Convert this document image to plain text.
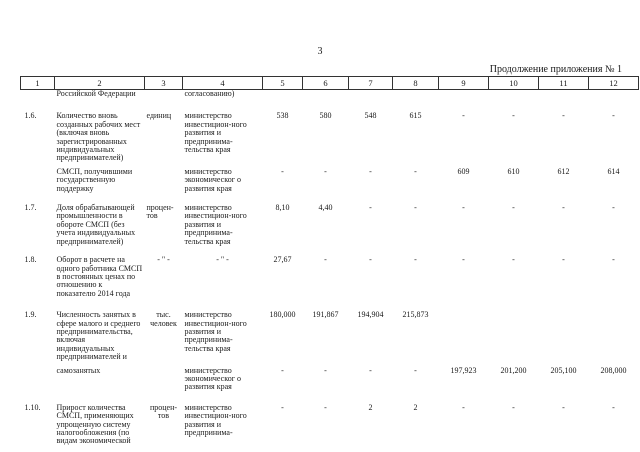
3
Продолжение приложения № 1
1	2	3	4	5	6	7	8	9	10	11	12
	Российской Федерации		согласованию)								
1.6.	Количество вновь созданных рабочих мест (включая вновь зарегистрированных индивидуальных предпринимателей)	единиц	министерство инвестицион-ного развития и предпринима-тельства края	538	580	548	615	-	-	-	-
	СМСП, получившими государственную поддержку		министерство экономическог о развития края	-	-	-	-	609	610	612	614
1.7.	Доля обрабатывающей промышленности в обороте СМСП (без учета индивидуальных предпринимателей)	процен-тов	министерство инвестицион-ного развития и предпринима-тельства края	8,10	4,40	-	-	-	-	-	-
1.8.	Оборот в расчете на одного работника СМСП в постоянных ценах по отношению к показателю 2014 года	- " -	- " -	27,67	-	-	-	-	-	-	-
1.9.	Численность занятых в сфере малого и среднего предпринимательства, включая индивидуальных предпринимателей и	тыс. человек	министерство инвестицион-ного развития и предпринима-тельства края	180,000	191,867	194,904	215,873				
	самозанятых		министерство экономическог о развития края	-	-	-	-	197,923	201,200	205,100	208,000
1.10.	Прирост количества СМСП, применяющих упрощенную систему налогообложения (по видам экономической	процен-тов	министерство инвестицион-ного развития и предпринима-	-	-	2	2	-	-	-	-
